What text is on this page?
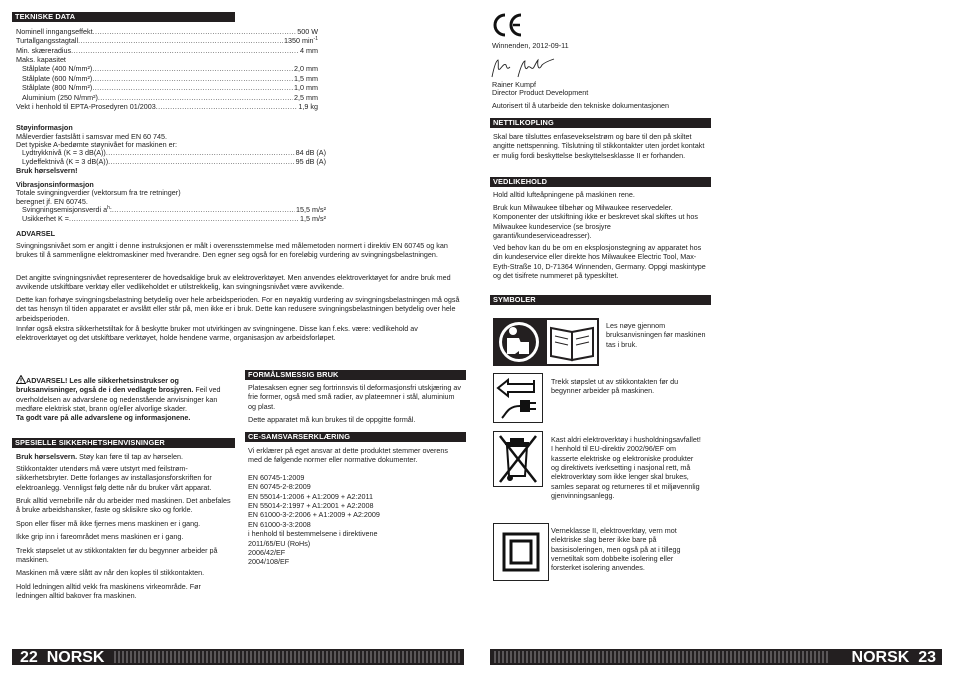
TEKNISKE DATA
Nominell inngangseffekt .....	500 W
Turtallgangsstagtall .....	1350 min -1
Min. skæreradius .....	4 mm
Maks. kapasitet
Stålplate (400 N/mm²) .....	2,0 mm
Stålplate (600 N/mm²) .....	1,5 mm
Stålplate (800 N/mm²) .....	1,0 mm
Aluminium (250 N/mm²) .....	2,5 mm
Vekt i henhold til EPTA-Prosedyren 01/2003 .....	1,9 kg
Støyinformasjon
Måleverdier fastslått i samsvar med EN 60 745.
Det typiske A-bedømte støynivået for maskinen er:
Lydtrykknivå (K = 3 dB(A)) .....	84 dB (A)
Lydeffektnivå (K = 3 dB(A)) .....	95 dB (A)
Bruk hørselsvern!
Vibrasjonsinformasjon
Totale svingningverdier (vektorsum fra tre retninger)
beregnet jf. EN 60745.
Svingningsemisjonsverdi a h : .....	15,5 m/s²
Usikkerhet K = .....	1,5 m/s²
ADVARSEL

Svingningsnivået som er angitt i denne instruksjonen er målt i overensstemmelse med målemetoden normert i direktiv EN 60745 og kan brukes til å sammenligne elektromaskiner med hverandre. Den egner seg også for en foreløbig vurdering av svingningsbelastningen.

Det angitte svingningsnivået representerer de hovedsaklige bruk av elektroverktøyet. Men anvendes elektroverktøyet for andre bruk med avvikende utskiftbare verktøy eller vedlikeholdet er utilstrekkelig, kan svingningsnivået være avvikende.

Dette kan forhøye svingningsbelastning betydelig over hele arbeidsperioden. For en nøyaktig vurdering av svingningsbelastningen må også det tas hensyn til tiden apparatet er avslått eller står på, men ikke er i bruk. Dette kan redusere svingningsbelastningen betydelig over hele arbeidsperioden.

Innfør også ekstra sikkerhetstiltak for å beskytte bruker mot utvirkingen av svingningene. Disse kan f.eks. være: vedlikehold av elektroverktøyet og det utskiftbare verktøyet, holde hendene varme, organisasjon av arbeidsforløpet.

ADVARSEL! Les alle sikkerhetsinstrukser og bruksanvisninger, også de i den vedlagte brosjyren. Feil ved overholdelsen av advarslene og nedenstående anvisninger kan medføre elektrisk støt, brann og/eller alvorlige skader.
Ta godt vare på alle advarslene og informasjonene.
SPESIELLE SIKKERHETSHENVISNINGER
Bruk hørselsvern. Støy kan føre til tap av hørselen.

Stikkontakter utendørs må være utstyrt med feilstrøm-sikkerhetsbryter. Dette forlanges av installasjonsforskriften for elektroanlegg. Vennligst følg dette når du bruker vårt apparat.

Bruk alltid vernebrille når du arbeider med maskinen. Det anbefales å bruke arbeidshansker, faste og sklisikre sko og forkle.

Spon eller fliser må ikke fjernes mens maskinen er i gang.

Ikke grip inn i fareområdet mens maskinen er i gang.

Trekk støpselet ut av stikkontakten før du begynner arbeider på maskinen.

Maskinen må være slått av når den koples til stikkontakten.

Hold ledningen alltid vekk fra maskinens virkeområde. Før ledningen alltid bakover fra maskinen.

FORMÅLSMESSIG BRUK

Platesaksen egner seg fortrinnsvis til deformasjonsfri utskjæring av frie former, også med små radier, av plateemner i stål, aluminium og plast.

Dette apparatet må kun brukes til de oppgitte formål.

CE-SAMSVARSERKLÆRING

Vi erklærer på eget ansvar at dette produktet stemmer overens med de følgende normer eller normative dokumenter.

EN 60745-1:2009
EN 60745-2-8:2009
EN 55014-1:2006 + A1:2009 + A2:2011
EN 55014-2:1997 + A1:2001 + A2:2008
EN 61000-3-2:2006 + A1:2009 + A2:2009
EN 61000-3-3:2008
i henhold til bestemmelsene i direktivene
2011/65/EU (RoHs)
2006/42/EF
2004/108/EF
22 NORSK
Winnenden, 2012-09-11
Rainer Kumpf
Director Product Development
Autorisert til å utarbeide den tekniske dokumentasjonen
NETTILKOPLING

Skal bare tilsluttes enfasevekselstrøm og bare til den på skiltet angitte nettspenning. Tilslutning til stikkontakter uten jordet kontakt er mulig fordi beskyttelse beskyttelsesklasse II er forhanden.

VEDLIKEHOLD

Hold alltid lufteåpningene på maskinen rene.

Bruk kun Milwaukee tilbehør og Milwaukee reservedeler. Komponenter der utskiftning ikke er beskrevet skal skiftes ut hos Milwaukee kundeservice (se brosjyre garanti/kundeserviceadresser).

Ved behov kan du be om en eksplosjonstegning av apparatet hos din kundeservice eller direkte hos Milwaukee Electric Tool, Max-Eyth-Straße 10, D-71364 Winnenden, Germany. Oppgi maskintype og det tisifrete nummeret på typeskiltet.

SYMBOLER

Les nøye gjennom bruksanvisningen før maskinen tas i bruk.

Trekk støpslet ut av stikkontakten før du begynner arbeider på maskinen.

Kast aldri elektroverktøy i husholdningsavfallet! I henhold til EU-direktiv 2002/96/EF om kasserte elektriske og elektroniske produkter og direktivets iverksetting i nasjonal rett, må elektroverktøy som ikke lenger skal brukes, samles separat og returneres til et miljøvennlig gjenvinningsanlegg.

Verneklasse II, elektroverktøy, vern mot elektriske slag berer ikke bare på basisisoleringen, men også på at i tillegg vernetiltak som dobbelte isolering eller forsterket isolering anvendes.

NORSK 23
